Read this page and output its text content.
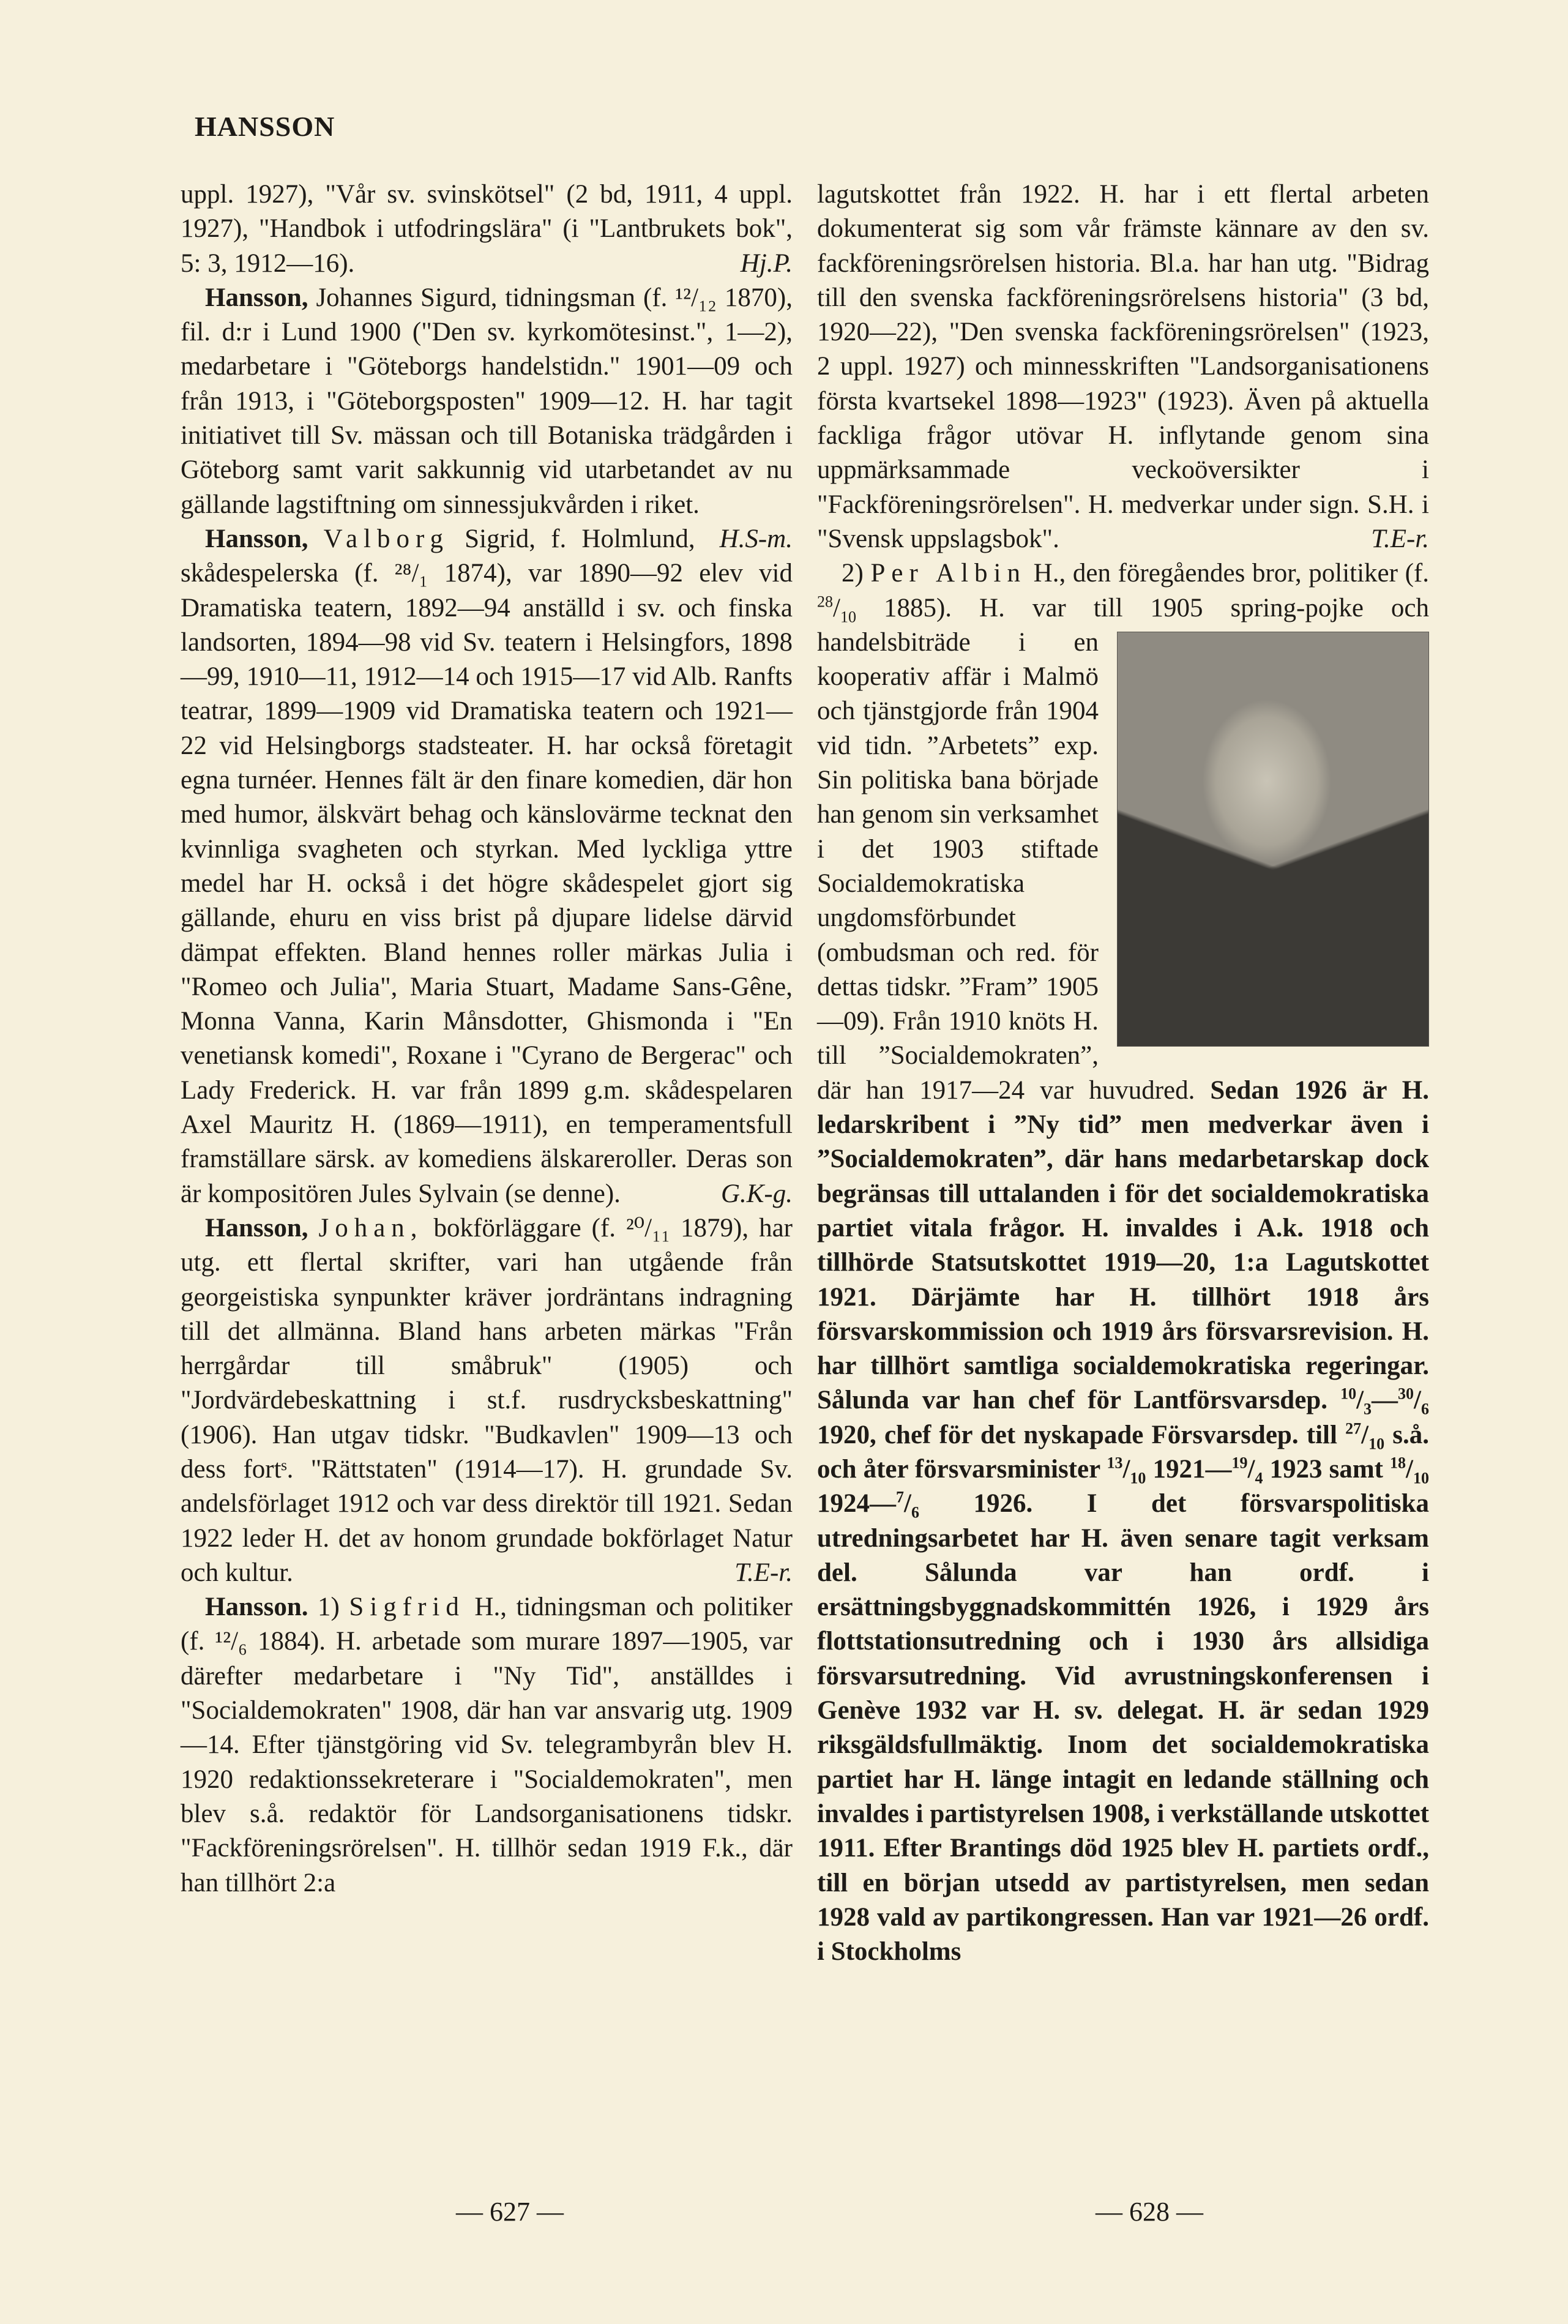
HANSSON

uppl. 1927), "Vår sv. svinskötsel" (2 bd, 1911, 4 uppl. 1927), "Handbok i utfodringslära" (i "Lantbrukets bok", 5: 3, 1912—16).	Hj.P.

Hansson, Johannes Sigurd, tidningsman (f. ¹²/₁₂ 1870), fil. d:r i Lund 1900 ("Den sv. kyrkomötesinst.", 1—2), medarbetare i "Göteborgs handelstidn." 1901—09 och från 1913, i "Göteborgsposten" 1909—12. H. har tagit initiativet till Sv. mässan och till Botaniska trädgården i Göteborg samt varit sakkunnig vid utarbetandet av nu gällande lagstiftning om sinnessjukvården i riket.
H.S-m.

Hansson, Valborg Sigrid, f. Holmlund, skådespelerska (f. ²⁸/₁ 1874), var 1890—92 elev vid Dramatiska teatern, 1892—94 anställd i sv. och finska landsorten, 1894—98 vid Sv. teatern i Helsingfors, 1898—99, 1910—11, 1912—14 och 1915—17 vid Alb. Ranfts teatrar, 1899—1909 vid Dramatiska teatern och 1921—22 vid Helsingborgs stadsteater. H. har också företagit egna turnéer. Hennes fält är den finare komedien, där hon med humor, älskvärt behag och känslovärme tecknat den kvinnliga svagheten och styrkan. Med lyckliga yttre medel har H. också i det högre skådespelet gjort sig gällande, ehuru en viss brist på djupare lidelse därvid dämpat effekten. Bland hennes roller märkas Julia i "Romeo och Julia", Maria Stuart, Madame Sans-Gêne, Monna Vanna, Karin Månsdotter, Ghismonda i "En venetiansk komedi", Roxane i "Cyrano de Bergerac" och Lady Frederick. H. var från 1899 g.m. skådespelaren Axel Mauritz H. (1869—1911), en temperamentsfull framställare särsk. av komediens älskareroller. Deras son är kompositören Jules Sylvain (se denne).	G.K-g.

Hansson, Johan, bokförläggare (f. ²⁰/₁₁ 1879), har utg. ett flertal skrifter, vari han utgående från georgeistiska synpunkter kräver jordräntans indragning till det allmänna. Bland hans arbeten märkas "Från herrgårdar till småbruk" (1905) och "Jordvärdebeskattning i st.f. rusdrycksbeskattning" (1906). Han utgav tidskr. "Budkavlen" 1909—13 och dess fortˢ. "Rättstaten" (1914—17). H. grundade Sv. andelsförlaget 1912 och var dess direktör till 1921. Sedan 1922 leder H. det av honom grundade bokförlaget Natur och kultur.	T.E-r.

Hansson. 1) Sigfrid H., tidningsman och politiker (f. ¹²/₆ 1884). H. arbetade som murare 1897—1905, var därefter medarbetare i "Ny Tid", anställdes i "Socialdemokraten" 1908, där han var ansvarig utg. 1909—14. Efter tjänstgöring vid Sv. telegrambyrån blev H. 1920 redaktionssekreterare i "Socialdemokraten", men blev s.å. redaktör för Landsorganisationens tidskr. "Fackföreningsrörelsen". H. tillhör sedan 1919 F.k., där han tillhört 2:a

lagutskottet från 1922. H. har i ett flertal arbeten dokumenterat sig som vår främste kännare av den sv. fackföreningsrörelsen historia. Bl.a. har han utg. "Bidrag till den svenska fackföreningsrörelsens historia" (3 bd, 1920—22), "Den svenska fackföreningsrörelsen" (1923, 2 uppl. 1927) och minnesskriften "Landsorganisationens första kvartsekel 1898—1923" (1923). Även på aktuella fackliga frågor utövar H. inflytande genom sina uppmärksammade veckoöversikter i "Fackföreningsrörelsen". H. medverkar under sign. S.H. i "Svensk uppslagsbok".	T.E-r.

2) Per Albin H., den föregåendes bror, politiker (f. $^{28}/_{10}$ 1885). H. var till 1905 spring-
pojke och handelsbiträde i en kooperativ affär i Malmö och tjänstgjorde från 1904 vid tidn. ”Arbetets” exp. Sin politiska bana började han genom sin verksamhet i det 1903 stiftade Socialdemokratiska ungdomsförbundet (ombudsman och red. för dettas tidskr. ”Fram” 1905—09). Från 1910 knöts H. till ”Socialdemokraten”, där han 1917—24 var huvudred. Sedan 1926 är H. ledarskribent i ”Ny tid” men medverkar även i ”Socialdemokraten”, där hans medarbetarskap dock begränsas till uttalanden i för det socialdemokratiska partiet vitala frågor. H. invaldes i A.k. 1918 och tillhörde Statsutskottet 1919—20, 1:a Lagutskottet 1921. Därjämte har H. tillhört 1918 års försvarskommission och 1919 års försvarsrevision. H. har tillhört samtliga socialdemokratiska regeringar. Sålunda var han chef för Lantförsvarsdep. $^{10}/_3—^{30}/_6$ 1920, chef för det nyskapade Försvarsdep. till $^{27}/_{10}$ s.å. och åter försvarsminister $^{13}/_{10}$ $1921—^{19}/_4$ 1923 samt $^{18}/_{10}$ $1924—^7/_6$ 1926. I det försvarspolitiska utredningsarbetet har H. även senare tagit verksam del. Sålunda var han ordf. i ersättningsbyggnadskommittén 1926, i 1929 års flottstationsutredning och i 1930 års allsidiga försvarsutredning. Vid avrustningskonferensen i Genève 1932 var H. sv. delegat. H. är sedan 1929 riksgäldsfullmäktig. Inom det socialdemokratiska partiet har H. länge intagit en ledande ställning och invaldes i partistyrelsen 1908, i verkställande utskottet 1911. Efter Brantings död 1925 blev H. partiets ordf., till en början utsedd av partistyrelsen, men sedan 1928 vald av partikongressen. Han var 1921—26 ordf. i Stockholms

— 627 —	— 628 —
